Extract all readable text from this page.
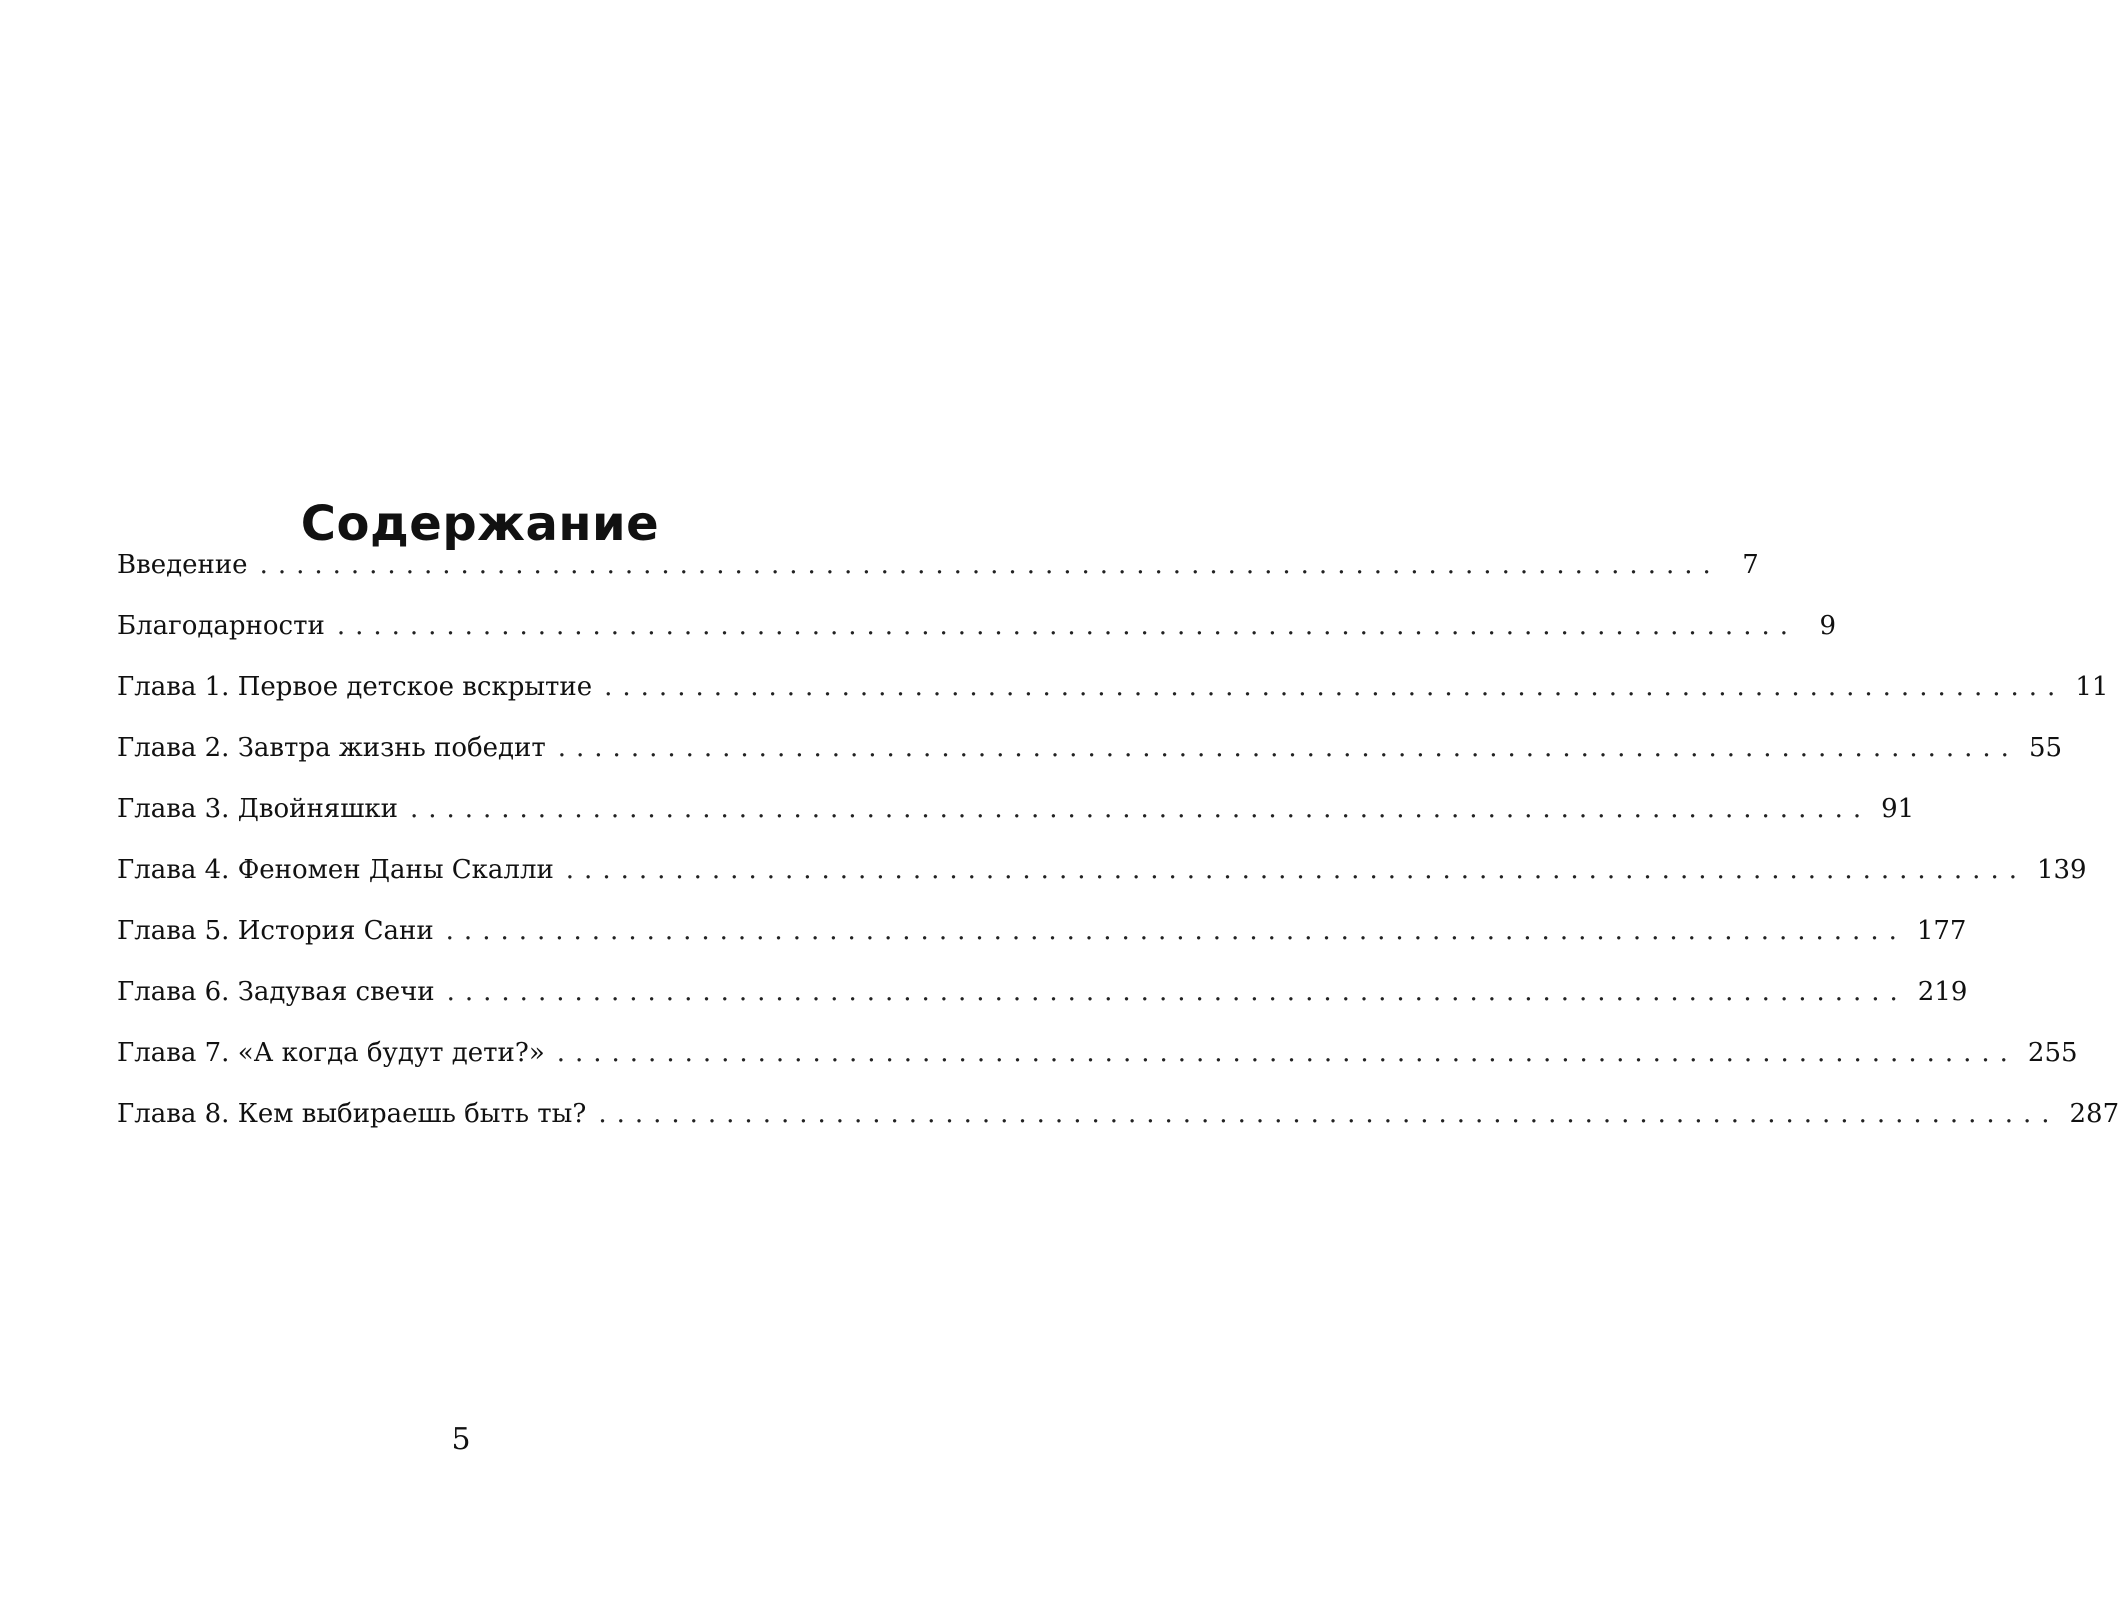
Содержание
Введение ................................................................................ 7
Благодарности ................................................................................ 9
Глава 1. Первое детское вскрытие ................................................................................ 11
Глава 2. Завтра жизнь победит ................................................................................ 55
Глава 3. Двойняшки ................................................................................ 91
Глава 4. Феномен Даны Скалли ................................................................................ 139
Глава 5. История Сани ................................................................................ 177
Глава 6. Задувая свечи ................................................................................ 219
Глава 7. «А когда будут дети?» ................................................................................ 255
Глава 8. Кем выбираешь быть ты? ................................................................................ 287
5
